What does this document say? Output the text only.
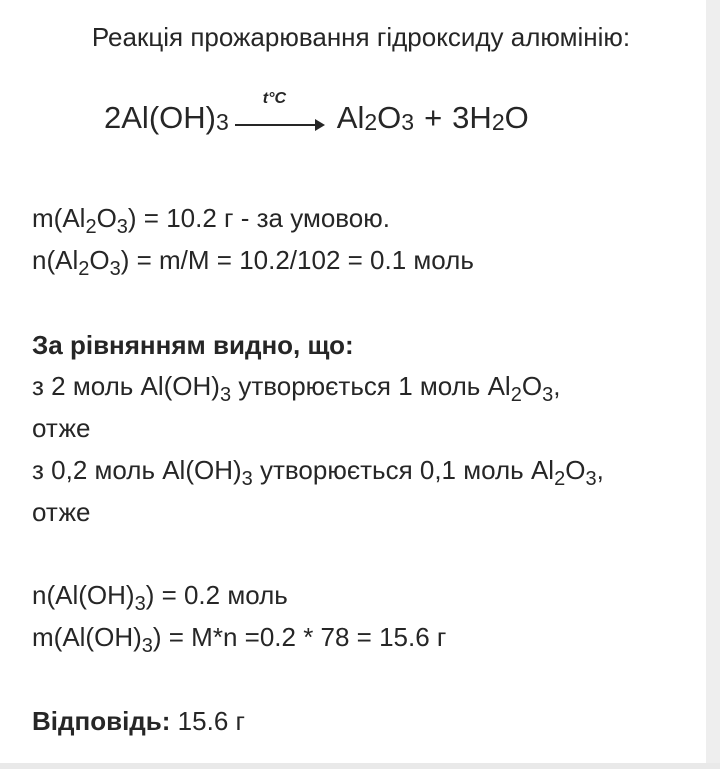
Реакція прожарювання гідроксиду алюмінію:
2 Al(OH) 3
t°C
Al 2 O 3 + 3 H 2 O
$m(Al_2O_3) = 10.2$ г - за умовою.
$n(Al_2O_3) = m/M = 10.2/102 = 0.1$ моль
За рівнянням видно, що:
з 2 моль $Al(OH)_3$ утворюється 1 моль $Al_2O_3$,
отже
з 0,2 моль $Al(OH)_3$ утворюється 0,1 моль $Al_2O_3$,
отже
$n(Al(OH)_3) = 0.2$ моль
$m(Al(OH)_3) = M*n =0.2 * 78 = 15.6$ г
Відповідь: 15.6 г
